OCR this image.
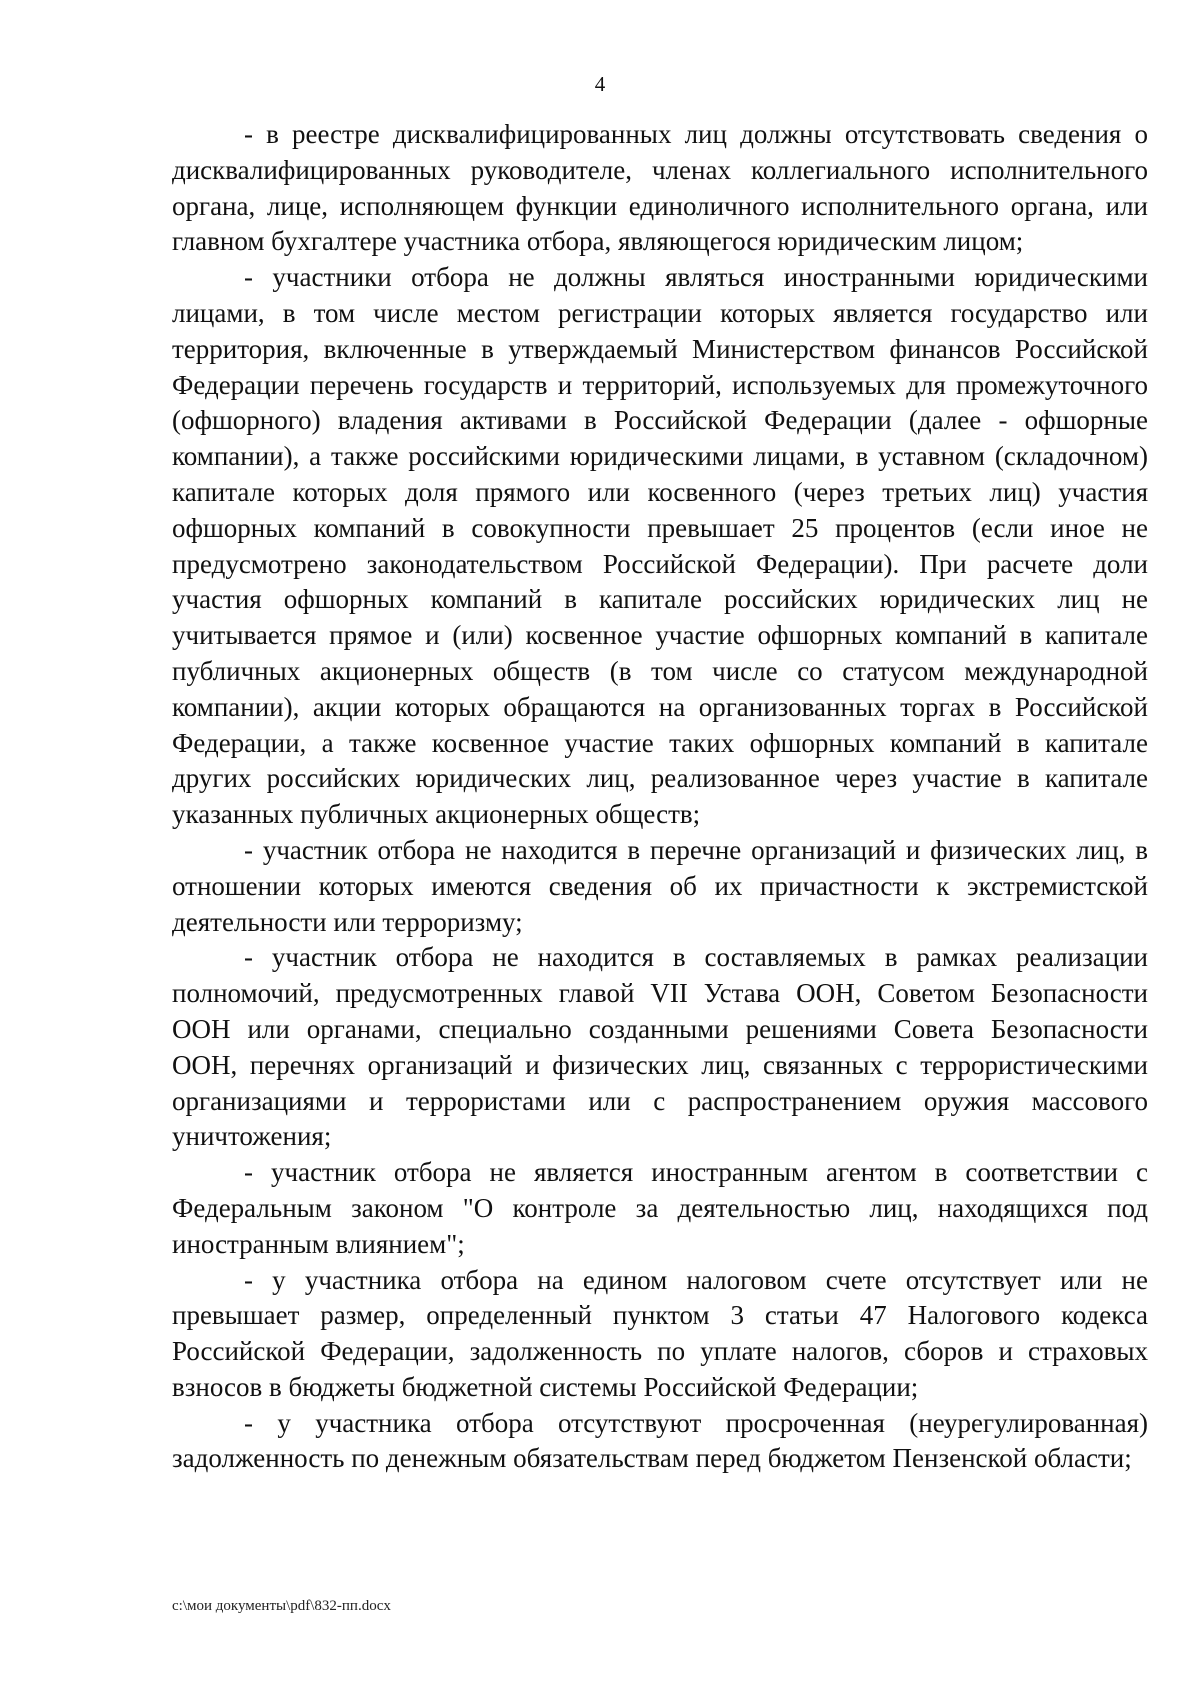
4

- в реестре дисквалифицированных лиц должны отсутствовать сведения о дисквалифицированных руководителе, членах коллегиального исполнительного органа, лице, исполняющем функции единоличного исполнительного органа, или главном бухгалтере участника отбора, являющегося юридическим лицом;

- участники отбора не должны являться иностранными юридическими лицами, в том числе местом регистрации которых является государство или территория, включенные в утверждаемый Министерством финансов Российской Федерации перечень государств и территорий, используемых для промежуточного (офшорного) владения активами в Российской Федерации (далее - офшорные компании), а также российскими юридическими лицами, в уставном (складочном) капитале которых доля прямого или косвенного (через третьих лиц) участия офшорных компаний в совокупности превышает 25 процентов (если иное не предусмотрено законодательством Российской Федерации). При расчете доли участия офшорных компаний в капитале российских юридических лиц не учитывается прямое и (или) косвенное участие офшорных компаний в капитале публичных акционерных обществ (в том числе со статусом международной компании), акции которых обращаются на организованных торгах в Российской Федерации, а также косвенное участие таких офшорных компаний в капитале других российских юридических лиц, реализованное через участие в капитале указанных публичных акционерных обществ;

- участник отбора не находится в перечне организаций и физических лиц, в отношении которых имеются сведения об их причастности к экстремистской деятельности или терроризму;

- участник отбора не находится в составляемых в рамках реализации полномочий, предусмотренных главой VII Устава ООН, Советом Безопасности ООН или органами, специально созданными решениями Совета Безопасности ООН, перечнях организаций и физических лиц, связанных с террористическими организациями и террористами или с распространением оружия массового уничтожения;

- участник отбора не является иностранным агентом в соответствии с Федеральным законом "О контроле за деятельностью лиц, находящихся под иностранным влиянием";

- у участника отбора на едином налоговом счете отсутствует или не превышает размер, определенный пунктом 3 статьи 47 Налогового кодекса Российской Федерации, задолженность по уплате налогов, сборов и страховых взносов в бюджеты бюджетной системы Российской Федерации;

- у участника отбора отсутствуют просроченная (неурегулированная) задолженность по денежным обязательствам перед бюджетом Пензенской области;

c:\мои документы\pdf\832-пп.docx
